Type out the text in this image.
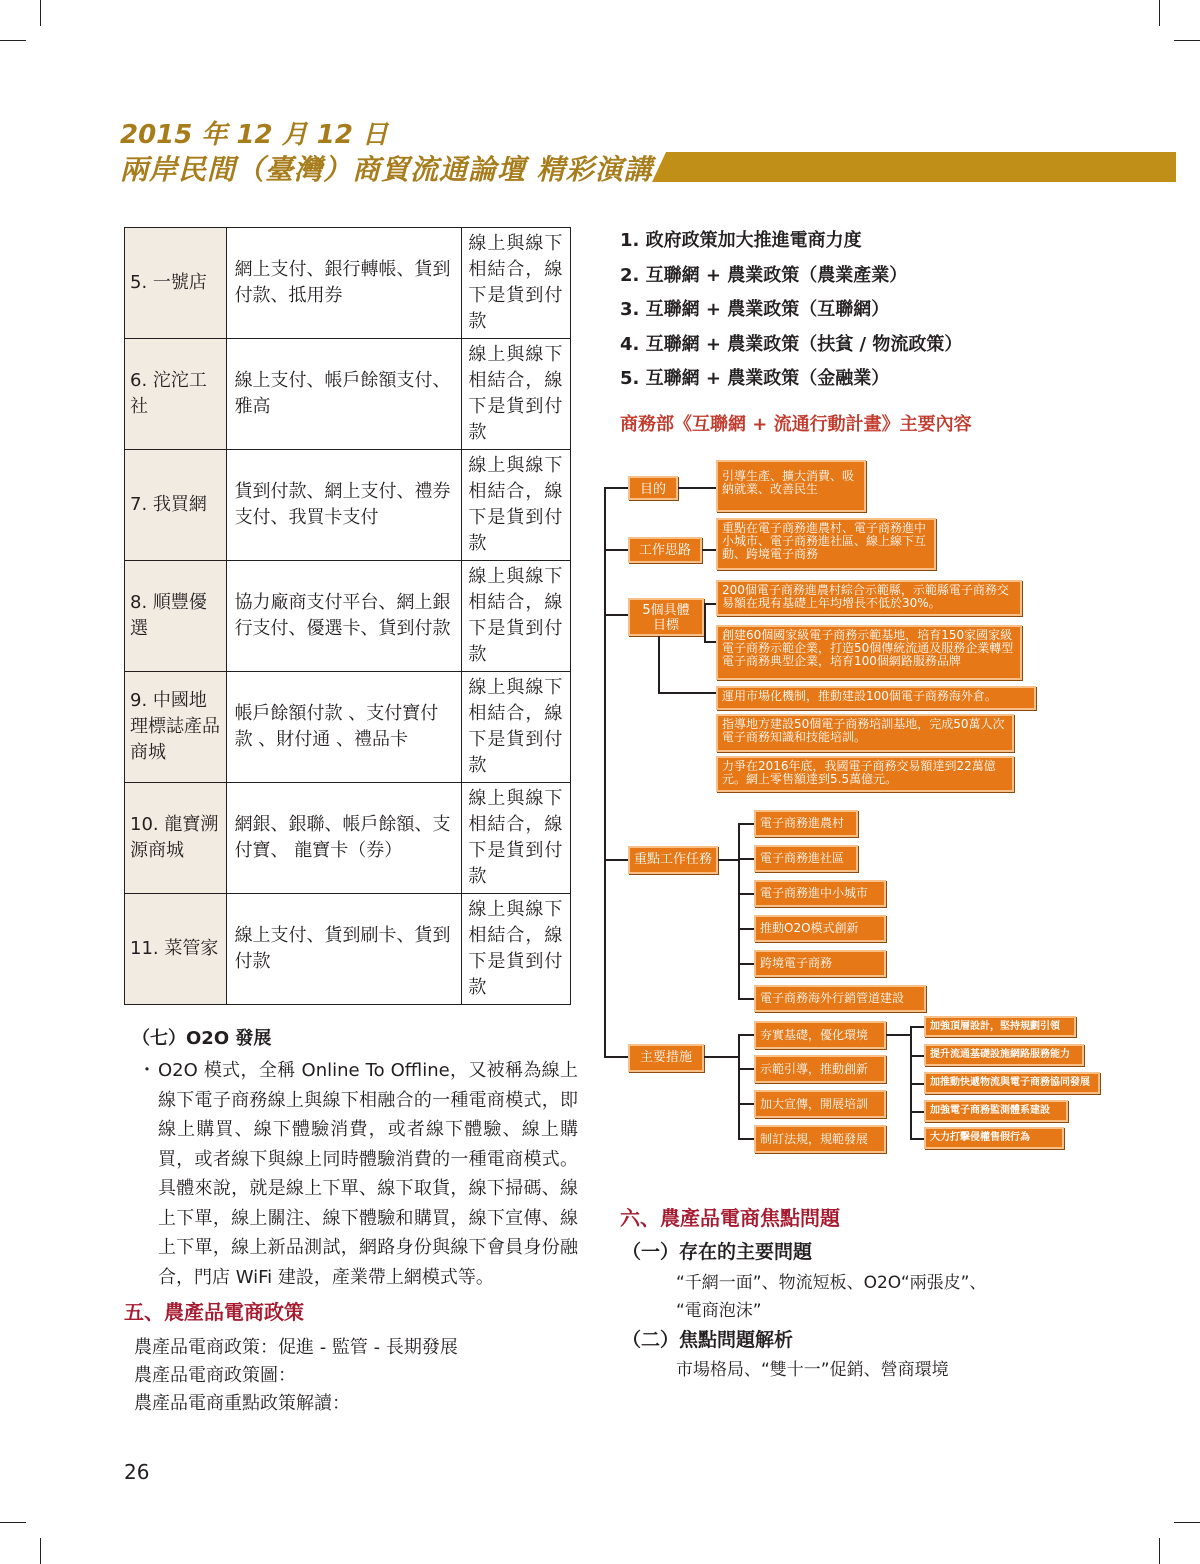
2015 年 12 月 12 日
兩岸民間（臺灣）商貿流通論壇 精彩演講
5. 一號店	網上支付、銀行轉帳、貨到付款、抵用券	線上與線下相結合，線下是貨到付款
6. 沱沱工社	線上支付、帳戶餘額支付、雅高	線上與線下相結合，線下是貨到付款
7. 我買網	貨到付款、網上支付、禮券支付、我買卡支付	線上與線下相結合，線下是貨到付款
8. 順豐優選	協力廠商支付平台、網上銀行支付、優選卡、貨到付款	線上與線下相結合，線下是貨到付款
9. 中國地理標誌產品商城	帳戶餘額付款 、支付寶付款 、財付通 、禮品卡	線上與線下相結合，線下是貨到付款
10. 龍寶溯源商城	網銀、銀聯、帳戶餘額、支付寶、 龍寶卡（券）	線上與線下相結合，線下是貨到付款
11. 菜管家	線上支付、貨到刷卡、貨到付款	線上與線下相結合，線下是貨到付款
（七）O2O 發展
・ O2O 模式，全稱 Online To Offline，又被稱為線上線下電子商務線上與線下相融合的一種電商模式，即線上購買、線下體驗消費，或者線下體驗、線上購買，或者線下與線上同時體驗消費的一種電商模式。具體來說，就是線上下單、線下取貨，線下掃碼、線上下單，線上關注、線下體驗和購買，線下宣傳、線上下單，線上新品測試，網路身份與線下會員身份融合，門店 WiFi 建設，產業帶上網模式等。
五、農產品電商政策

農產品電商政策：促進 - 監管 - 長期發展

農產品電商政策圖：

農產品電商重點政策解讀：

1. 政府政策加大推進電商力度
2. 互聯網 + 農業政策（農業產業）
3. 互聯網 + 農業政策（互聯網）
4. 互聯網 + 農業政策（扶貧 / 物流政策）
5. 互聯網 + 農業政策（金融業）
商務部《互聯網 + 流通行動計畫》主要內容
目的
工作思路
5個具體目標
重點工作任務
主要措施
引導生產、擴大消費、吸納就業、改善民生
重點在電子商務進農村、電子商務進中小城市、電子商務進社區、線上線下互動、跨境電子商務
200個電子商務進農村綜合示範縣，示範縣電子商務交易額在現有基礎上年均增長不低於30%。
創建60個國家級電子商務示範基地，培育150家國家級電子商務示範企業，打造50個傳統流通及服務企業轉型電子商務典型企業，培育100個網路服務品牌
運用市場化機制，推動建設100個電子商務海外倉。
指導地方建設50個電子商務培訓基地，完成50萬人次電子商務知識和技能培訓。
力爭在2016年底，我國電子商務交易額達到22萬億元。網上零售額達到5.5萬億元。
電子商務進農村
電子商務進社區
電子商務進中小城市
推動O2O模式創新
跨境電子商務
電子商務海外行銷管道建設
夯實基礎，優化環境
示範引導，推動創新
加大宣傳，開展培訓
制訂法規，規範發展
加強頂層設計，堅持規劃引領
提升流通基礎設施網路服務能力
加推動快遞物流與電子商務協同發展
加強電子商務監測體系建設
大力打擊侵權售假行為
六、農產品電商焦點問題
（一）存在的主要問題

“千網一面”、物流短板、O2O“兩張皮”、

“電商泡沫”

（二）焦點問題解析

市場格局、“雙十一”促銷、營商環境

26
